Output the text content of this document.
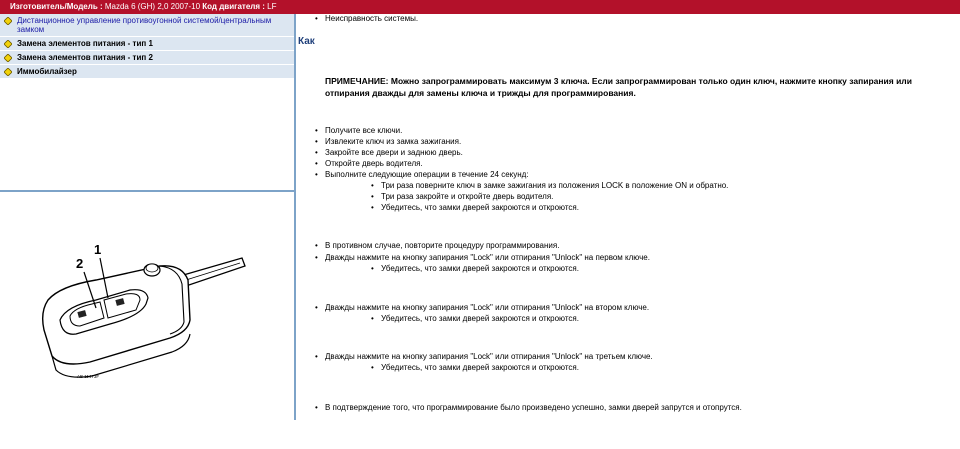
Изготовитель/Модель : Mazda 6 (GH) 2,0 2007-10 Код двигателя : LF
Дистанционное управление противоугонной системой/центральным замком
Замена элементов питания - тип 1
Замена элементов питания - тип 2
Иммобилайзер
1
2
AB 11473F
• Неисправность системы.
Как
ПРИМЕЧАНИЕ: Можно запрограммировать максимум 3 ключа. Если запрограммирован только один ключ, нажмите кнопку запирания или отпирания дважды для замены ключа и трижды для программирования.
• Получите все ключи.
• Извлеките ключ из замка зажигания.
• Закройте все двери и заднюю дверь.
• Откройте дверь водителя.
• Выполните следующие операции в течение 24 секунд:
• Три раза поверните ключ в замке зажигания из положения LOCK в положение ON и обратно.
• Три раза закройте и откройте дверь водителя.
• Убедитесь, что замки дверей закроются и откроются.
• В противном случае, повторите процедуру программирования.
• Дважды нажмите на кнопку запирания "Lock" или отпирания "Unlock" на первом ключе.
• Убедитесь, что замки дверей закроются и откроются.
• Дважды нажмите на кнопку запирания "Lock" или отпирания "Unlock" на втором ключе.
• Убедитесь, что замки дверей закроются и откроются.
• Дважды нажмите на кнопку запирания "Lock" или отпирания "Unlock" на третьем ключе.
• Убедитесь, что замки дверей закроются и откроются.
• В подтверждение того, что программирование было произведено успешно, замки дверей запрутся и отопрутся.
